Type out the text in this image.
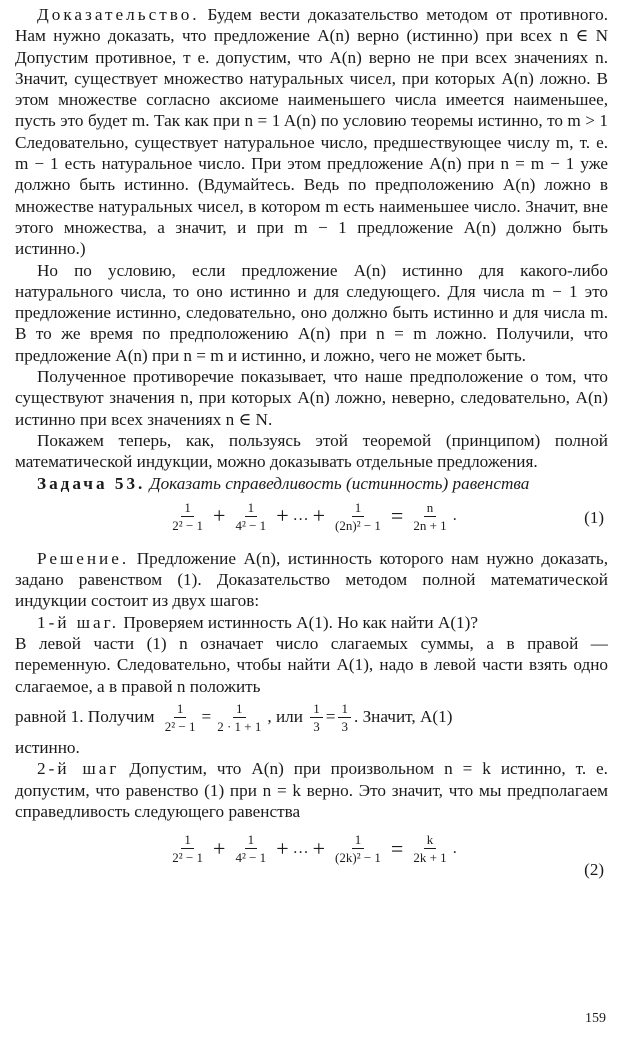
Доказательство. Будем вести доказательство методом от противного. Нам нужно доказать, что предложение A(n) верно (истинно) при всех n ∈ N Допустим противное, т е. допустим, что A(n) верно не при всех значениях n. Значит, существует множество натуральных чисел, при которых A(n) ложно. В этом множестве согласно аксиоме наименьшего числа имеется наименьшее, пусть это будет m. Так как при n = 1 A(n) по условию теоремы истинно, то m > 1 Следовательно, существует натуральное число, предшествующее числу m, т. е. m − 1 есть натуральное число. При этом предложение A(n) при n = m − 1 уже должно быть истинно. (Вдумайтесь. Ведь по предположению A(n) ложно в множестве натуральных чисел, в котором m есть наименьшее число. Значит, вне этого множества, а значит, и при m − 1 предложение A(n) должно быть истинно.)

Но по условию, если предложение A(n) истинно для какого-либо натурального числа, то оно истинно и для следующего. Для числа m − 1 это предложение истинно, следовательно, оно должно быть истинно и для числа m. В то же время по предположению A(n) при n = m ложно. Получили, что предложение A(n) при n = m и истинно, и ложно, чего не может быть.

Полученное противоречие показывает, что наше предположение о том, что существуют значения n, при которых A(n) ложно, неверно, следовательно, A(n) истинно при всех значениях n ∈ N.

Покажем теперь, как, пользуясь этой теоремой (принципом) полной математической индукции, можно доказывать отдельные предложения.

Задача 53. Доказать справедливость (истинность) равенства

$\frac{1}{\text{2² − 1}} + \frac{1}{\text{4² − 1}}$ + … + $\frac{1}{\text{(2n)² − 1}} = \frac{n}{2n + 1}$ .	(1)

Решение. Предложение A(n), истинность которого нам нужно доказать, задано равенством (1). Доказательство методом полной математической индукции состоит из двух шагов:

1-й шаг. Проверяем истинность A(1). Но как найти A(1)?

В левой части (1) n означает число слагаемых суммы, а в правой — переменную. Следовательно, чтобы найти A(1), надо в левой части взять одно слагаемое, а в правой n положить

равной 1. Получим $\frac{1}{\text{2² − 1}} = \frac{1}{2 \cdot 1 + 1}$ , или $\frac{1}{3} = \frac{1}{3}$ . Значит, A(1)

истинно.

2-й шаг Допустим, что A(n) при произвольном n = k истинно, т. е. допустим, что равенство (1) при n = k верно. Это значит, что мы предполагаем справедливость следующего равенства

$\frac{1}{\text{2² − 1}} + \frac{1}{\text{4² − 1}}$ + … + $\frac{1}{\text{(2k)² − 1}} = \frac{k}{2k + 1}$ .
(2)
159
